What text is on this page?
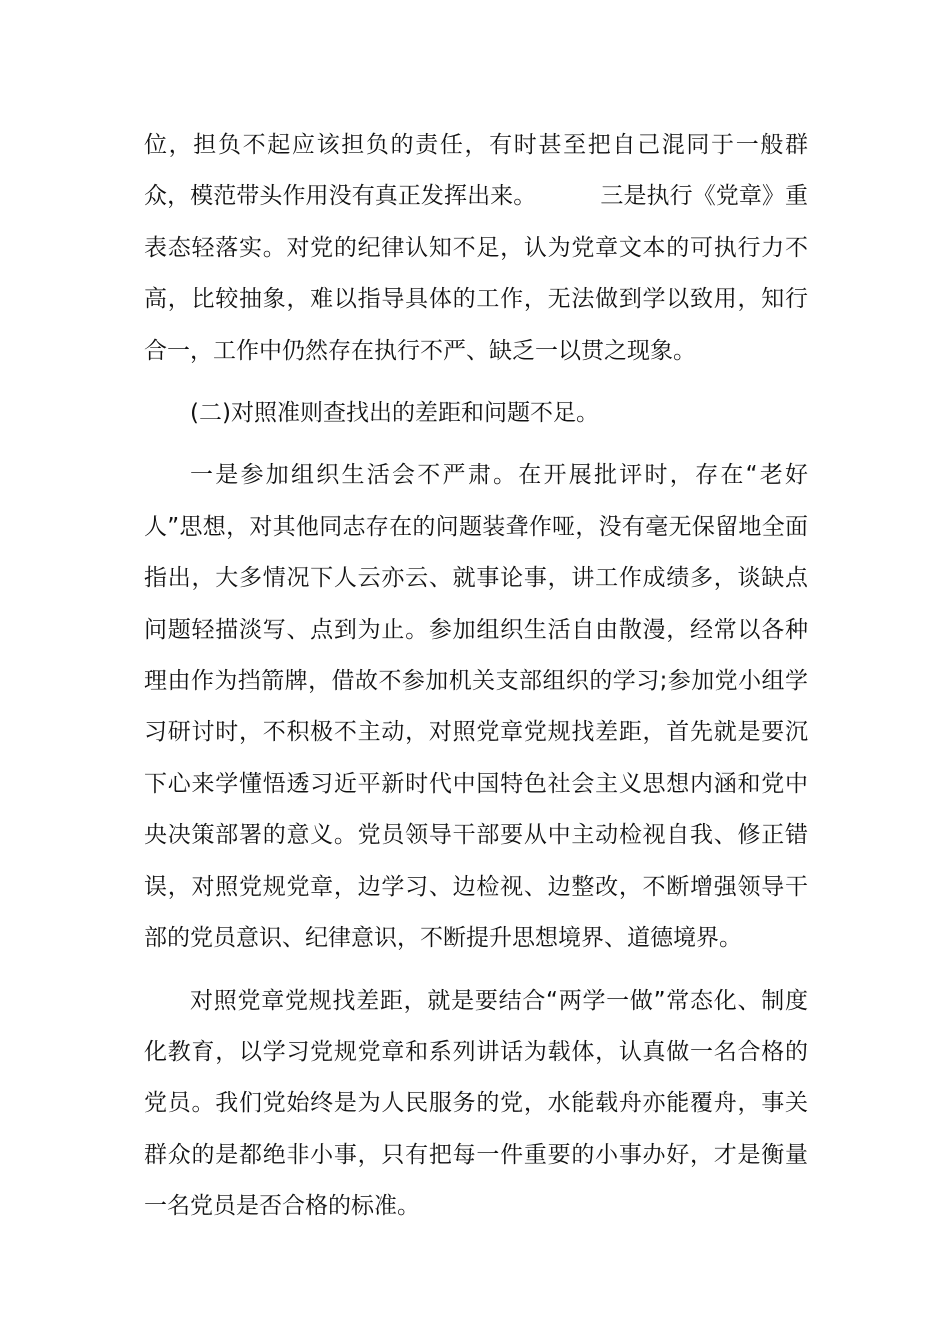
位，担负不起应该担负的责任，有时甚至把自己混同于一般群众，模范带头作用没有真正发挥出来。	三是执行《党章》重表态轻落实。对党的纪律认知不足，认为党章文本的可执行力不高，比较抽象，难以指导具体的工作，无法做到学以致用，知行合一，工作中仍然存在执行不严、缺乏一以贯之现象。

(二)对照准则查找出的差距和问题不足。

一是参加组织生活会不严肃。在开展批评时，存在“老好人”思想，对其他同志存在的问题装聋作哑，没有毫无保留地全面指出，大多情况下人云亦云、就事论事，讲工作成绩多，谈缺点问题轻描淡写、点到为止。参加组织生活自由散漫，经常以各种理由作为挡箭牌，借故不参加机关支部组织的学习;参加党小组学习研讨时，不积极不主动，对照党章党规找差距，首先就是要沉下心来学懂悟透习近平新时代中国特色社会主义思想内涵和党中央决策部署的意义。党员领导干部要从中主动检视自我、修正错误，对照党规党章，边学习、边检视、边整改，不断增强领导干部的党员意识、纪律意识，不断提升思想境界、道德境界。

对照党章党规找差距，就是要结合“两学一做”常态化、制度化教育，以学习党规党章和系列讲话为载体，认真做一名合格的党员。我们党始终是为人民服务的党，水能载舟亦能覆舟，事关群众的是都绝非小事，只有把每一件重要的小事办好，才是衡量一名党员是否合格的标准。
